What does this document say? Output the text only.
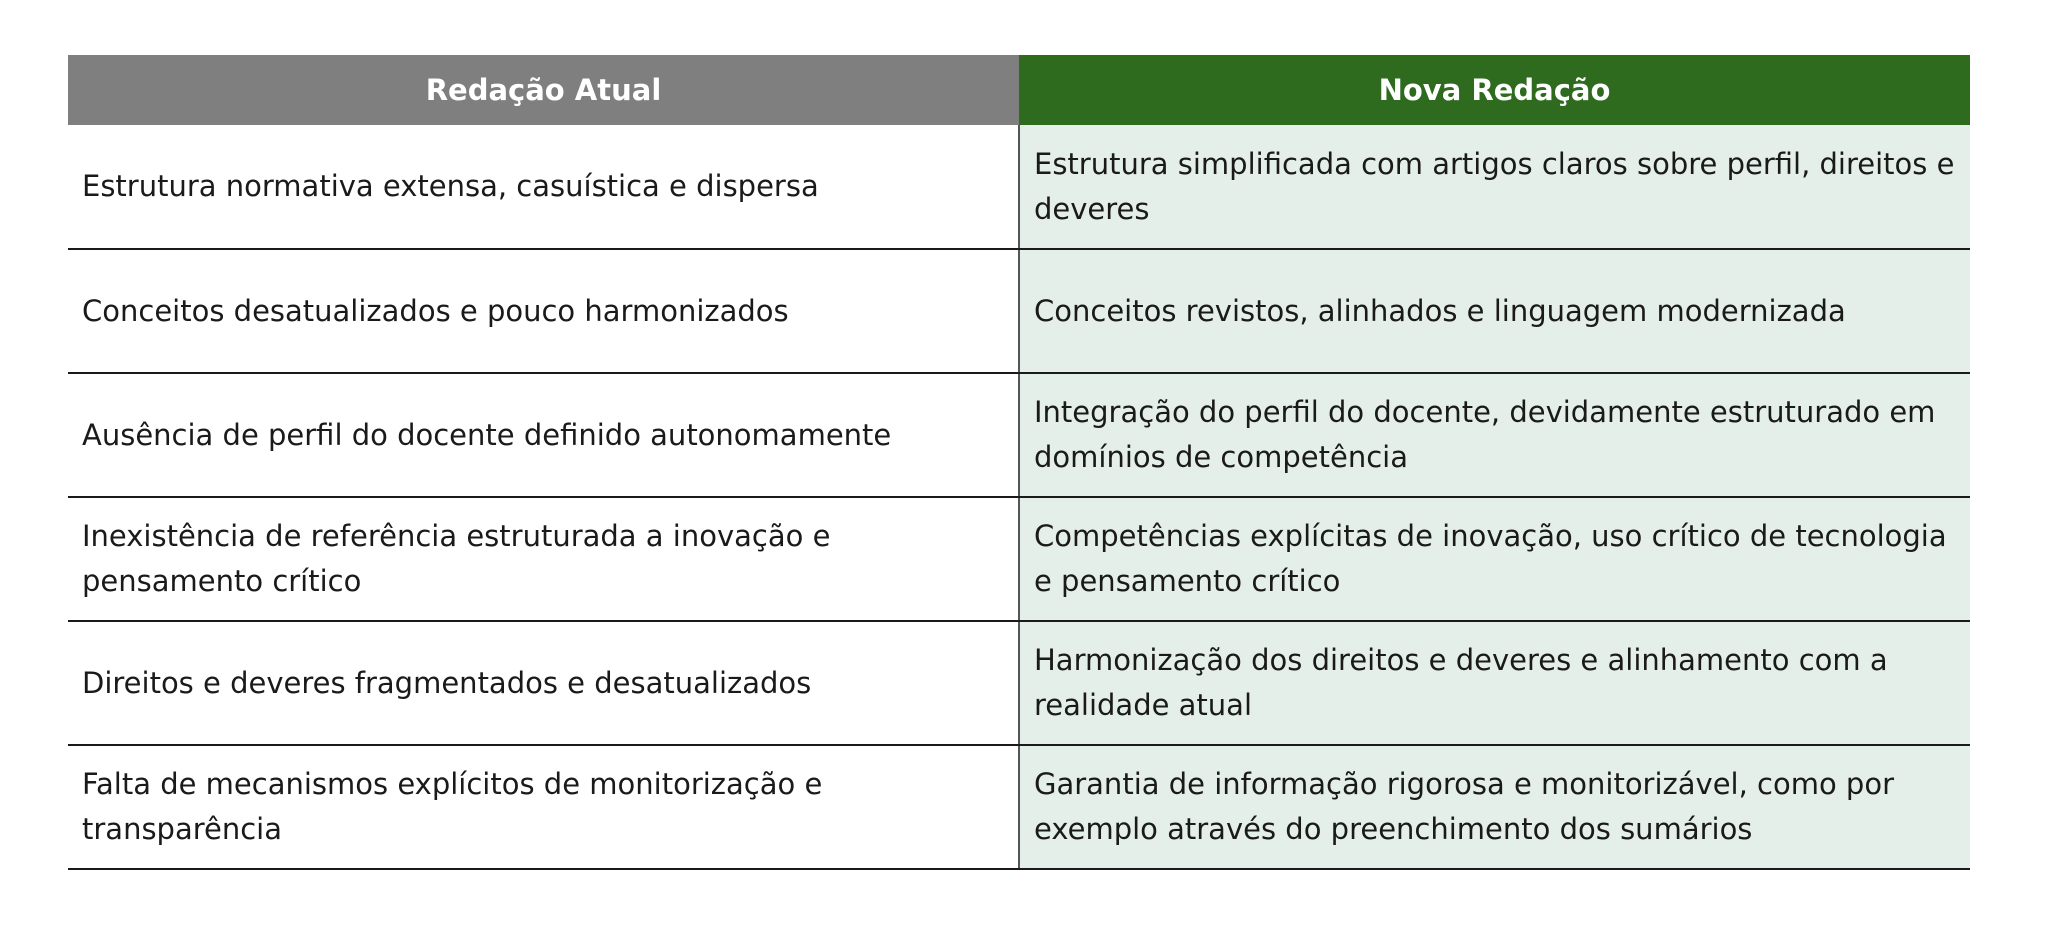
Redação Atual	Nova Redação
Estrutura normativa extensa, casuística e dispersa	Estrutura simplificada com artigos claros sobre perfil, direitos e deveres
Conceitos desatualizados e pouco harmonizados	Conceitos revistos, alinhados e linguagem modernizada
Ausência de perfil do docente definido autonomamente	Integração do perfil do docente, devidamente estruturado em domínios de competência
Inexistência de referência estruturada a inovação e pensamento crítico	Competências explícitas de inovação, uso crítico de tecnologia e pensamento crítico
Direitos e deveres fragmentados e desatualizados	Harmonização dos direitos e deveres e alinhamento com a realidade atual
Falta de mecanismos explícitos de monitorização e transparência	Garantia de informação rigorosa e monitorizável, como por exemplo através do preenchimento dos sumários
